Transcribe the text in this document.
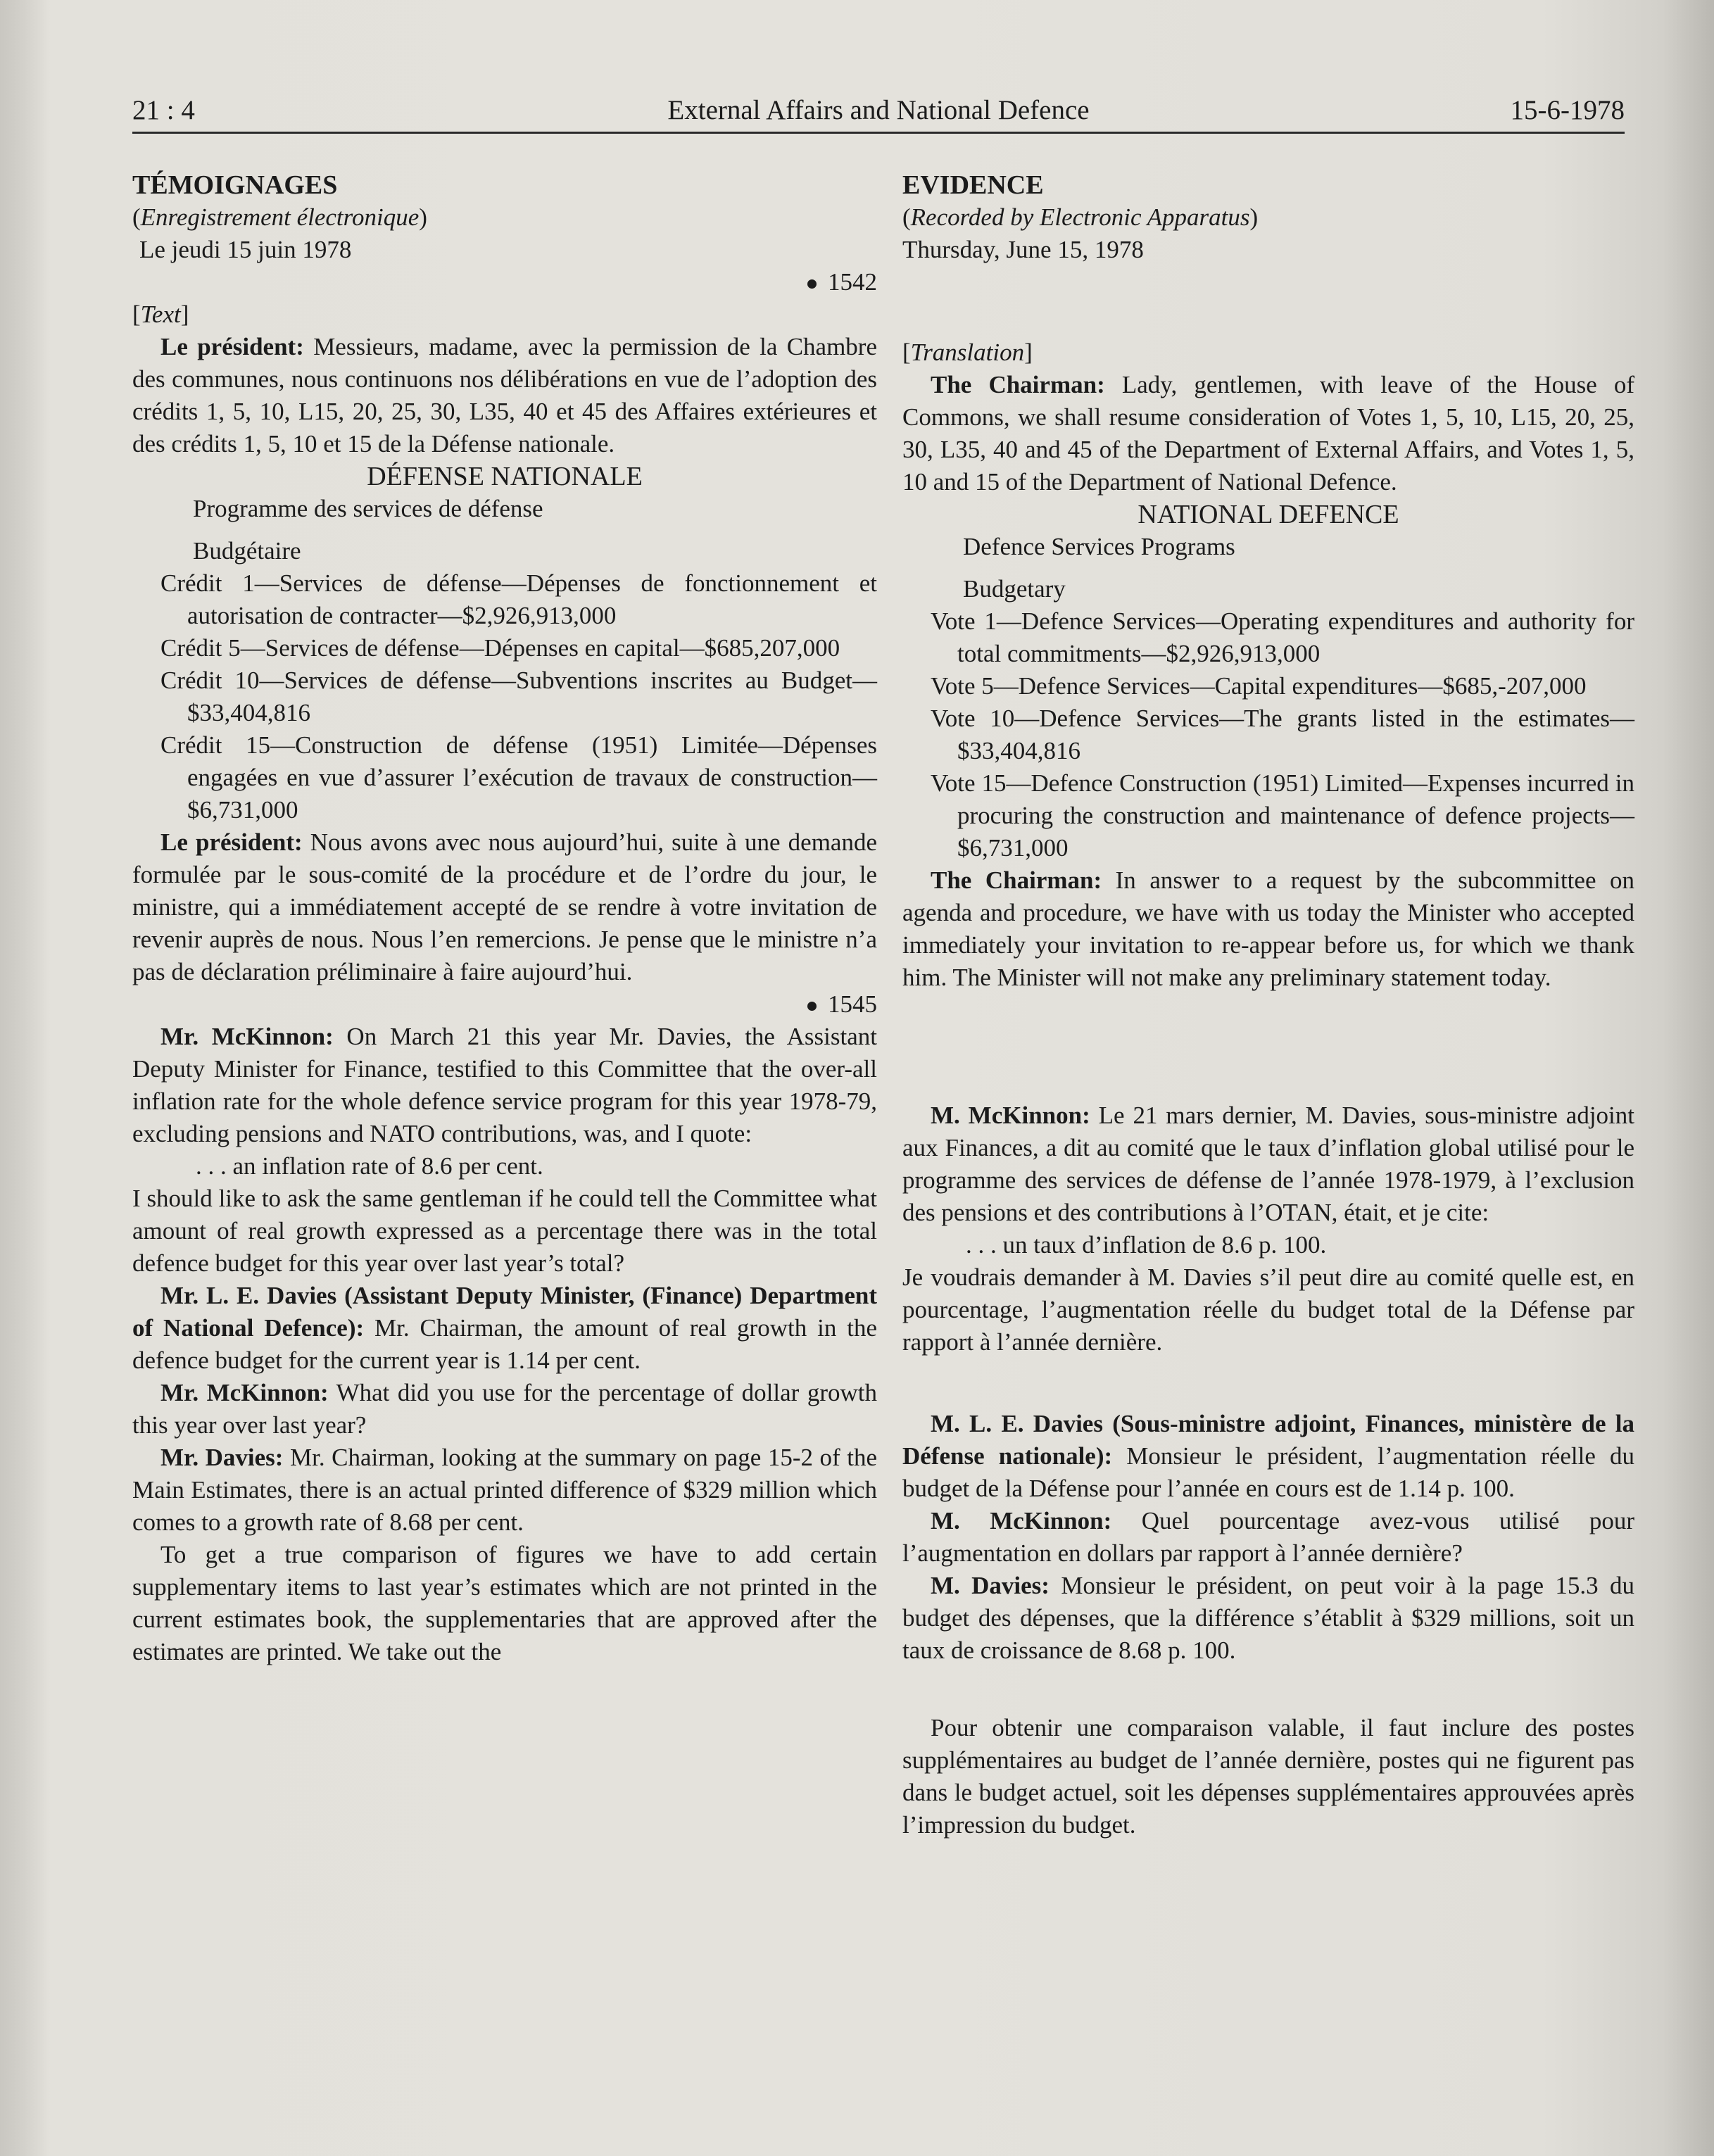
21 : 4	External Affairs and National Defence	15-6-1978

TÉMOIGNAGES

(Enregistrement électronique)

Le jeudi 15 juin 1978

1542

[Text]

Le président: Messieurs, madame, avec la permission de la Chambre des communes, nous continuons nos délibérations en vue de l’adoption des crédits 1, 5, 10, L15, 20, 25, 30, L35, 40 et 45 des Affaires extérieures et des crédits 1, 5, 10 et 15 de la Défense nationale.

DÉFENSE NATIONALE

Programme des services de défense

Budgétaire

Crédit 1—Services de défense—Dépenses de fonctionnement et autorisation de contracter—$2,926,913,000

Crédit 5—Services de défense—Dépenses en capital—$685,207,000

Crédit 10—Services de défense—Subventions inscrites au Budget—$33,404,816

Crédit 15—Construction de défense (1951) Limitée—Dépenses engagées en vue d’assurer l’exécution de travaux de construction—$6,731,000

Le président: Nous avons avec nous aujourd’hui, suite à une demande formulée par le sous-comité de la procédure et de l’ordre du jour, le ministre, qui a immédiatement accepté de se rendre à votre invitation de revenir auprès de nous. Nous l’en remercions. Je pense que le ministre n’a pas de déclaration préliminaire à faire aujourd’hui.

1545

Mr. McKinnon: On March 21 this year Mr. Davies, the Assistant Deputy Minister for Finance, testified to this Committee that the over-all inflation rate for the whole defence service program for this year 1978-79, excluding pensions and NATO contributions, was, and I quote:

. . . an inflation rate of 8.6 per cent.

I should like to ask the same gentleman if he could tell the Committee what amount of real growth expressed as a percentage there was in the total defence budget for this year over last year’s total?

Mr. L. E. Davies (Assistant Deputy Minister, (Finance) Department of National Defence): Mr. Chairman, the amount of real growth in the defence budget for the current year is 1.14 per cent.

Mr. McKinnon: What did you use for the percentage of dollar growth this year over last year?

Mr. Davies: Mr. Chairman, looking at the summary on page 15-2 of the Main Estimates, there is an actual printed difference of $329 million which comes to a growth rate of 8.68 per cent.

To get a true comparison of figures we have to add certain supplementary items to last year’s estimates which are not printed in the current estimates book, the supplementaries that are approved after the estimates are printed. We take out the

EVIDENCE

(Recorded by Electronic Apparatus)

Thursday, June 15, 1978

[Translation]

The Chairman: Lady, gentlemen, with leave of the House of Commons, we shall resume consideration of Votes 1, 5, 10, L15, 20, 25, 30, L35, 40 and 45 of the Department of External Affairs, and Votes 1, 5, 10 and 15 of the Department of National Defence.

NATIONAL DEFENCE

Defence Services Programs

Budgetary

Vote 1—Defence Services—Operating expenditures and authority for total commitments—$2,926,913,000

Vote 5—Defence Services—Capital expenditures—$685,-207,000

Vote 10—Defence Services—The grants listed in the estimates—$33,404,816

Vote 15—Defence Construction (1951) Limited—Expenses incurred in procuring the construction and maintenance of defence projects—$6,731,000

The Chairman: In answer to a request by the subcommittee on agenda and procedure, we have with us today the Minister who accepted immediately your invitation to re-appear before us, for which we thank him. The Minister will not make any preliminary statement today.

M. McKinnon: Le 21 mars dernier, M. Davies, sous-ministre adjoint aux Finances, a dit au comité que le taux d’inflation global utilisé pour le programme des services de défense de l’année 1978-1979, à l’exclusion des pensions et des contributions à l’OTAN, était, et je cite:

. . . un taux d’inflation de 8.6 p. 100.

Je voudrais demander à M. Davies s’il peut dire au comité quelle est, en pourcentage, l’augmentation réelle du budget total de la Défense par rapport à l’année dernière.

M. L. E. Davies (Sous-ministre adjoint, Finances, ministère de la Défense nationale): Monsieur le président, l’augmentation réelle du budget de la Défense pour l’année en cours est de 1.14 p. 100.

M. McKinnon: Quel pourcentage avez-vous utilisé pour l’augmentation en dollars par rapport à l’année dernière?

M. Davies: Monsieur le président, on peut voir à la page 15.3 du budget des dépenses, que la différence s’établit à $329 millions, soit un taux de croissance de 8.68 p. 100.

Pour obtenir une comparaison valable, il faut inclure des postes supplémentaires au budget de l’année dernière, postes qui ne figurent pas dans le budget actuel, soit les dépenses supplémentaires approuvées après l’impression du budget.
